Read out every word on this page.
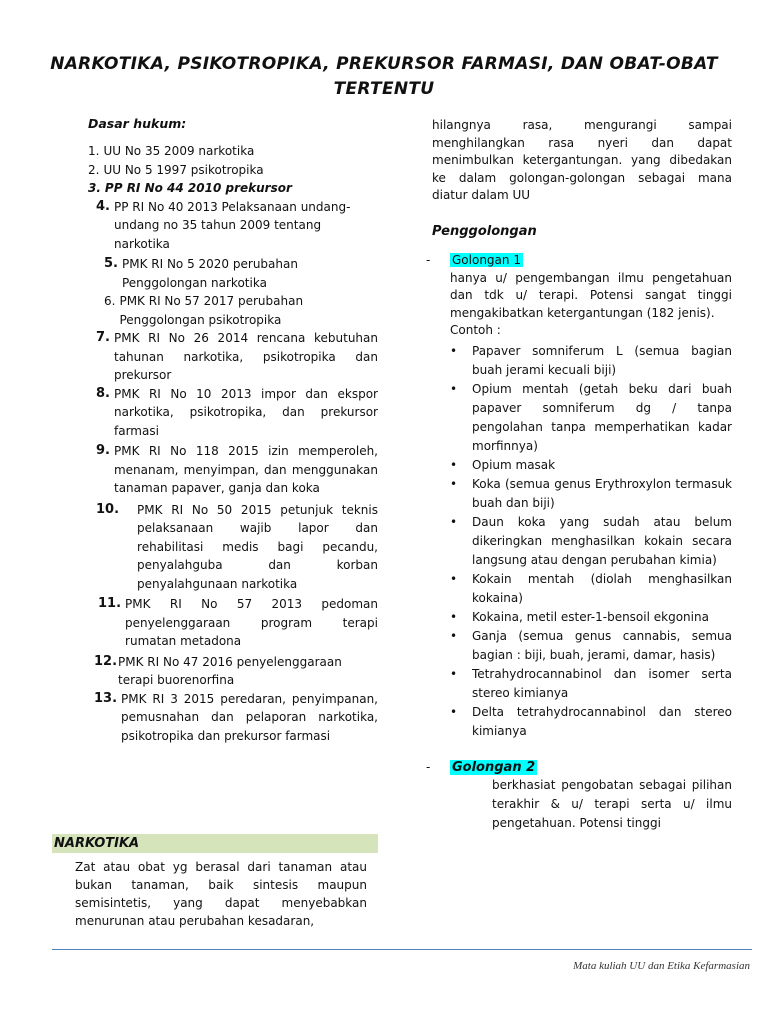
NARKOTIKA, PSIKOTROPIKA, PREKURSOR FARMASI, DAN OBAT-OBAT TERTENTU
Dasar hukum:
1. UU No 35 2009 narkotika
2. UU No 5 1997 psikotropika
3. PP RI No 44 2010 prekursor
4. PP RI No 40 2013 Pelaksanaan undang-undang no 35 tahun 2009 tentang narkotika
5. PMK RI No 5 2020 perubahan Penggolongan narkotika
6. PMK RI No 57 2017 perubahan Penggolongan psikotropika
7. PMK RI No 26 2014 rencana kebutuhan tahunan narkotika, psikotropika dan prekursor
8. PMK RI No 10 2013 impor dan ekspor narkotika, psikotropika, dan prekursor farmasi
9. PMK RI No 118 2015 izin memperoleh, menanam, menyimpan, dan menggunakan tanaman papaver, ganja dan koka
10. PMK RI No 50 2015 petunjuk teknis pelaksanaan wajib lapor dan rehabilitasi medis bagi pecandu, penyalahguba dan korban penyalahgunaan narkotika
11. PMK RI No 57 2013 pedoman penyelenggaraan program terapi rumatan metadona
12. PMK RI No 47 2016 penyelenggaraan terapi buorenorfina
13. PMK RI 3 2015 peredaran, penyimpanan, pemusnahan dan pelaporan narkotika, psikotropika dan prekursor farmasi
NARKOTIKA
Zat atau obat yg berasal dari tanaman atau bukan tanaman, baik sintesis maupun semisintetis, yang dapat menyebabkan menurunan atau perubahan kesadaran,
hilangnya rasa, mengurangi sampai menghilangkan rasa nyeri dan dapat menimbulkan ketergantungan. yang dibedakan ke dalam golongan-golongan sebagai mana diatur dalam UU
Penggolongan
- Golongan 1
hanya u/ pengembangan ilmu pengetahuan dan tdk u/ terapi. Potensi sangat tinggi mengakibatkan ketergantungan (182 jenis).
Contoh :
• Papaver somniferum L (semua bagian buah jerami kecuali biji)
• Opium mentah (getah beku dari buah papaver somniferum dg / tanpa pengolahan tanpa memperhatikan kadar morfinnya)
• Opium masak
• Koka (semua genus Erythroxylon termasuk buah dan biji)
• Daun koka yang sudah atau belum dikeringkan menghasilkan kokain secara langsung atau dengan perubahan kimia)
• Kokain mentah (diolah menghasilkan kokaina)
• Kokaina, metil ester-1-bensoil ekgonina
• Ganja (semua genus cannabis, semua bagian : biji, buah, jerami, damar, hasis)
• Tetrahydrocannabinol dan isomer serta stereo kimianya
• Delta tetrahydrocannabinol dan stereo kimianya
- Golongan 2
berkhasiat pengobatan sebagai pilihan terakhir & u/ terapi serta u/ ilmu pengetahuan. Potensi tinggi
Mata kuliah UU dan Etika Kefarmasian
